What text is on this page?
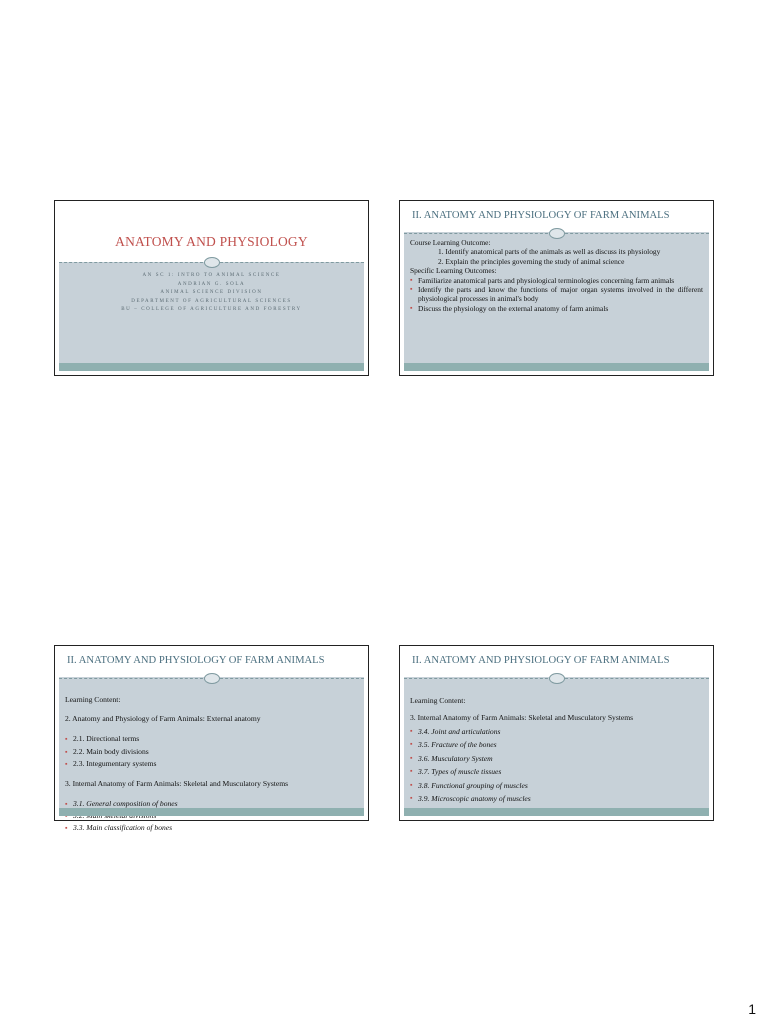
ANATOMY AND PHYSIOLOGY
AN SC 1: INTRO TO ANIMAL SCIENCE
ANDRIAN G. SOLA
ANIMAL SCIENCE DIVISION
DEPARTMENT OF AGRICULTURAL SCIENCES
BU – COLLEGE OF AGRICULTURE AND FORESTRY
II. ANATOMY AND PHYSIOLOGY OF FARM ANIMALS

Course Learning Outcome:

1. Identify anatomical parts of the animals as well as discuss its physiology

2. Explain the principles governing the study of animal science

Specific Learning Outcomes:

▪ Familiarize anatomical parts and physiological terminologies concerning farm animals
▪ Identify the parts and know the functions of major organ systems involved in the different physiological processes in animal's body
▪ Discuss the physiology on the external anatomy of farm animals
II. ANATOMY AND PHYSIOLOGY OF FARM ANIMALS

Learning Content:

2. Anatomy and Physiology of Farm Animals: External anatomy

▪ 2.1. Directional terms
▪ 2.2. Main body divisions
▪ 2.3. Integumentary systems

3. Internal Anatomy of Farm Animals: Skeletal and Musculatory Systems

▪ 3.1. General composition of bones
▪
▪ 3.3. Main classification of bones
II. ANATOMY AND PHYSIOLOGY OF FARM ANIMALS

Learning Content:

3. Internal Anatomy of Farm Animals: Skeletal and Musculatory Systems

▪ 3.4. Joint and articulations
▪ 3.5. Fracture of the bones
▪ 3.6. Musculatory System
▪ 3.7. Types of muscle tissues
▪ 3.8. Functional grouping of muscles
▪ 3.9. Microscopic anatomy of muscles
1
